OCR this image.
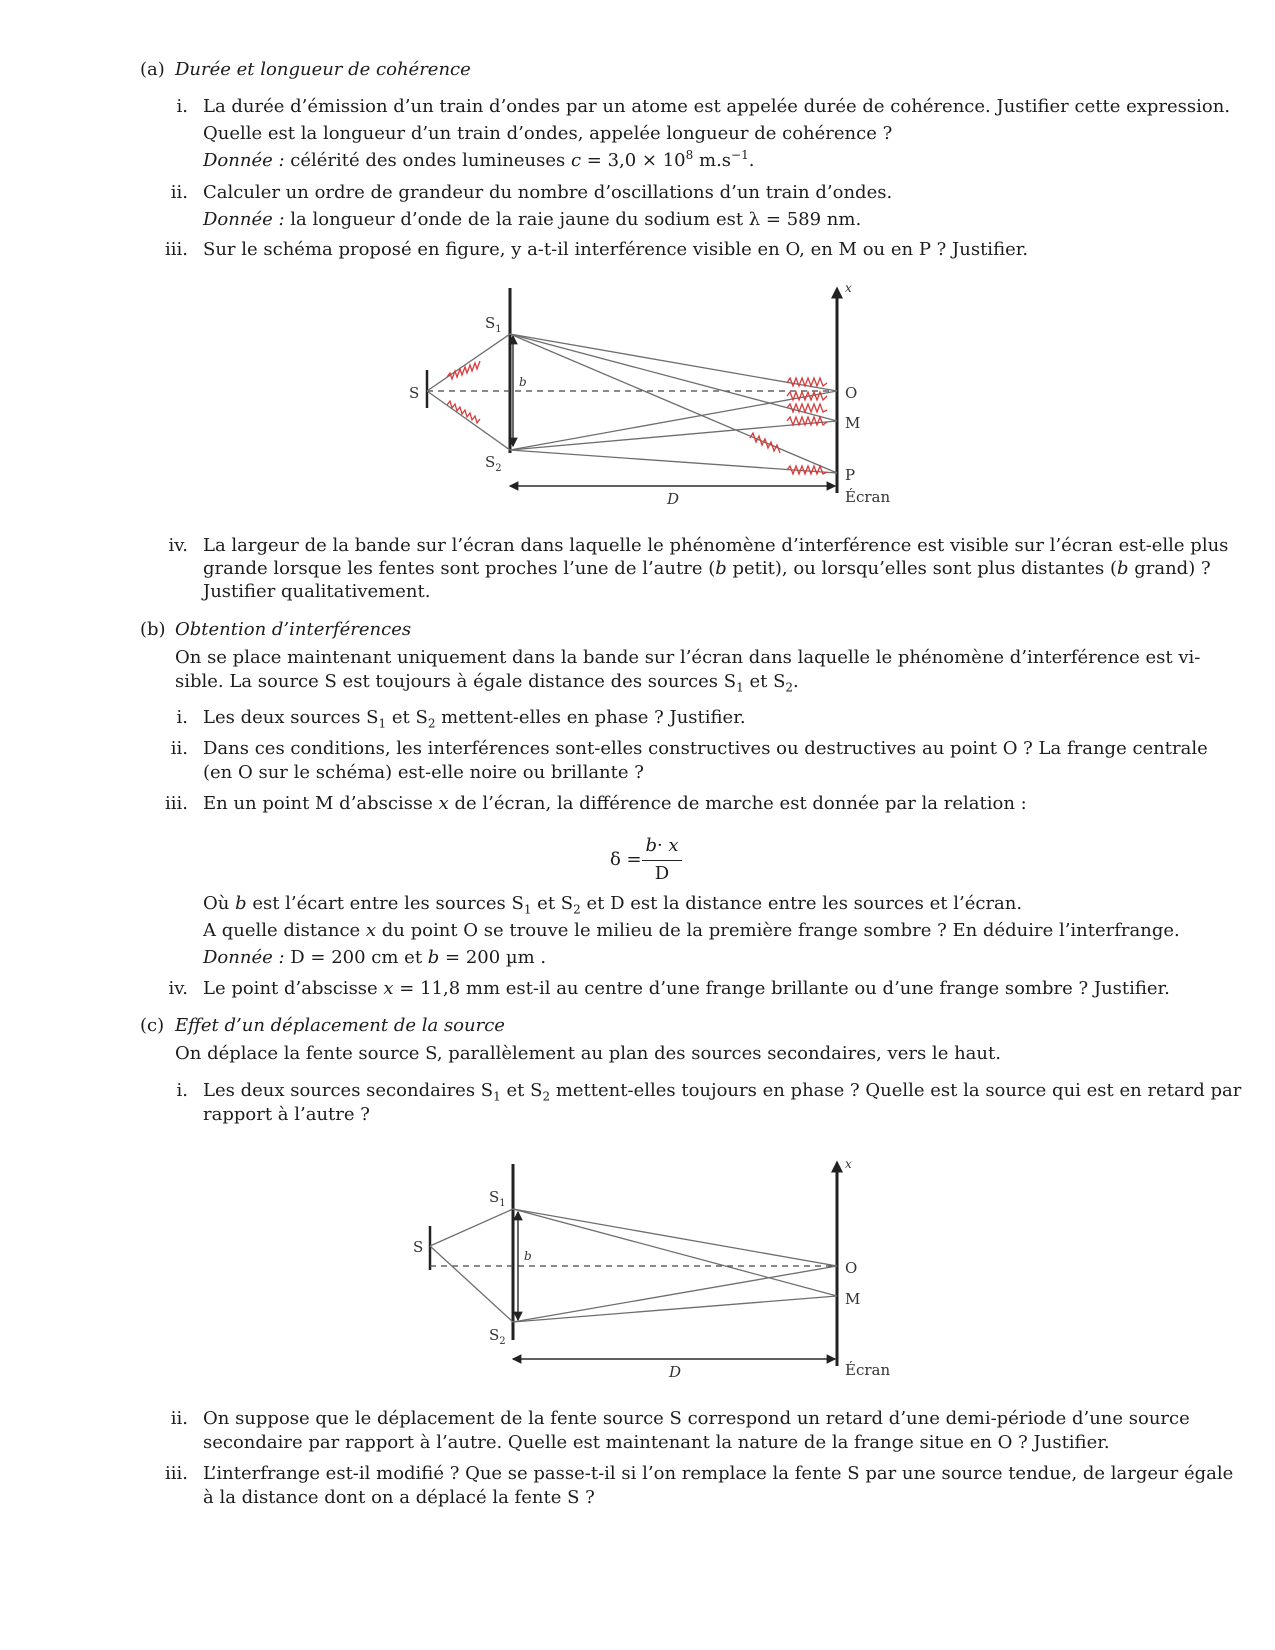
(a) Durée et longueur de cohérence
i. La durée d’émission d’un train d’ondes par un atome est appelée durée de cohérence. Justifier cette expression.
Quelle est la longueur d’un train d’ondes, appelée longueur de cohérence ?
Donnée : célérité des ondes lumineuses $c = 3,0 \times 10^8$ $m.s^{-1}$.
ii. Calculer un ordre de grandeur du nombre d’oscillations d’un train d’ondes.
Donnée : la longueur d’onde de la raie jaune du sodium est λ = 589 nm.
iii. Sur le schéma proposé en figure, y a-t-il interférence visible en O, en M ou en P ? Justifier.
S
$S_1$
$S_2$
b
D
x
O
M
P
Écran
iv. La largeur de la bande sur l’écran dans laquelle le phénomène d’interférence est visible sur l’écran est-elle plus
grande lorsque les fentes sont proches l’une de l’autre (b petit), ou lorsqu’elles sont plus distantes (b grand) ?
Justifier qualitativement.
(b) Obtention d’interférences
On se place maintenant uniquement dans la bande sur l’écran dans laquelle le phénomène d’interférence est vi-
sible. La source S est toujours à égale distance des sources $S_1$ et $S_2$.
i. Les deux sources $S_1$ et $S_2$ mettent-elles en phase ? Justifier.
ii. Dans ces conditions, les interférences sont-elles constructives ou destructives au point O ? La frange centrale
(en O sur le schéma) est-elle noire ou brillante ?
iii. En un point M d’abscisse x de l’écran, la différence de marche est donnée par la relation :
δ =
b· x
D
Où b est l’écart entre les sources $S_1$ et $S_2$ et D est la distance entre les sources et l’écran.
A quelle distance x du point O se trouve le milieu de la première frange sombre ? En déduire l’interfrange.
Donnée : D = 200 cm et b = 200 µm .
iv. Le point d’abscisse x = 11,8 mm est-il au centre d’une frange brillante ou d’une frange sombre ? Justifier.
(c) Effet d’un déplacement de la source
On déplace la fente source S, parallèlement au plan des sources secondaires, vers le haut.
i. Les deux sources secondaires $S_1$ et $S_2$ mettent-elles toujours en phase ? Quelle est la source qui est en retard par
rapport à l’autre ?
S
$S_1$
$S_2$
b
D
x
O
M
Écran
ii. On suppose que le déplacement de la fente source S correspond un retard d’une demi-période d’une source
secondaire par rapport à l’autre. Quelle est maintenant la nature de la frange situe en O ? Justifier.
iii. L’interfrange est-il modifié ? Que se passe-t-il si l’on remplace la fente S par une source tendue, de largeur égale
à la distance dont on a déplacé la fente S ?
